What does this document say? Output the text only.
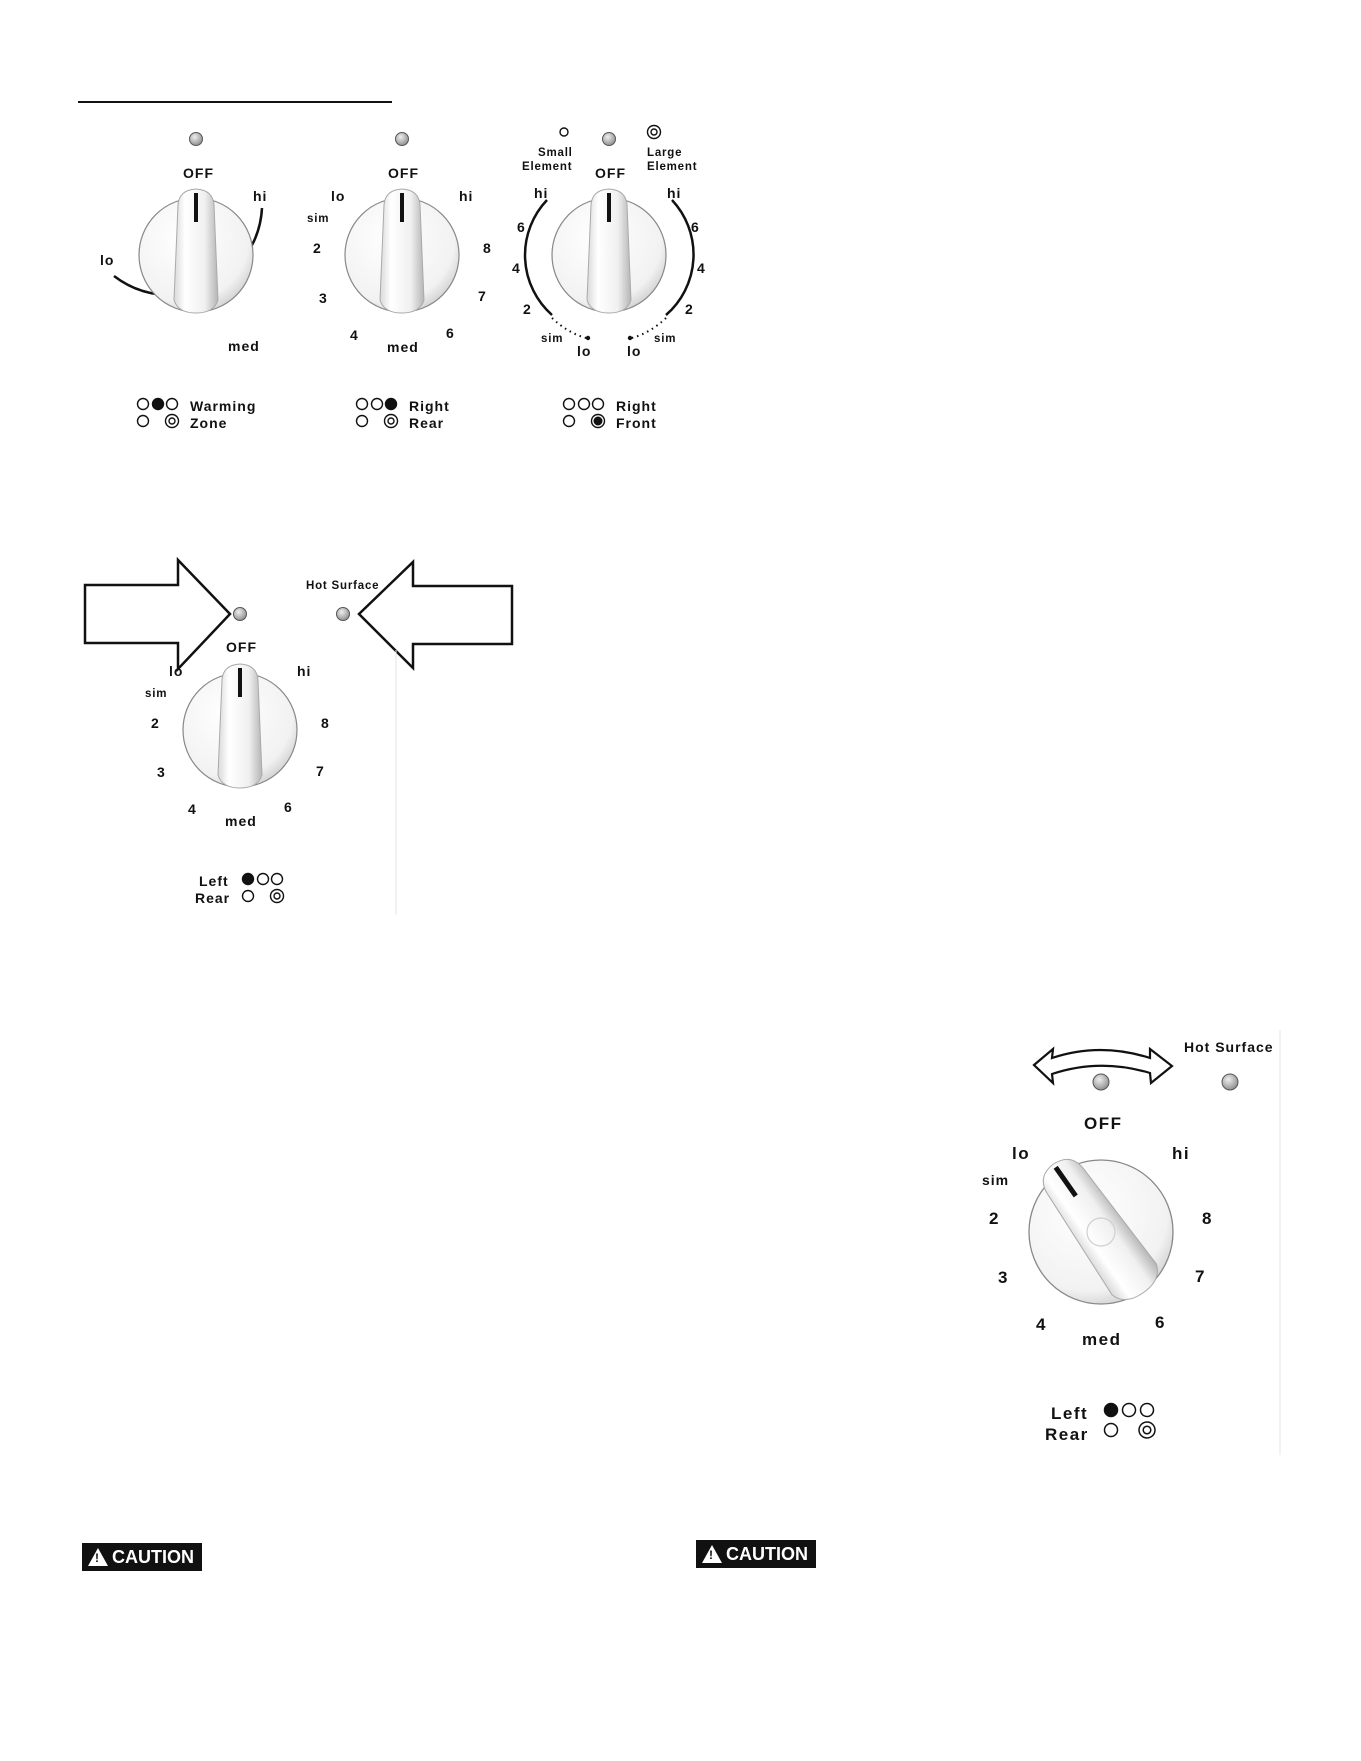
OFF
hi
lo
med
Warming
Zone
OFF
lo	hi
sim
2	8
3	7
4	6
med
Right
Rear
Small
Element
Large
Element
OFF
hi
6
4
2
sim
lo
hi
6
4
2
sim
lo
Right
Front
Hot Surface
OFF
lo	hi
sim
2	8
3	7
4	6
med
Left
Rear
Hot Surface
OFF
lo	hi
sim
2	8
3	7
4	6
med
Left
Rear
!
CAUTION !	CAUTION
